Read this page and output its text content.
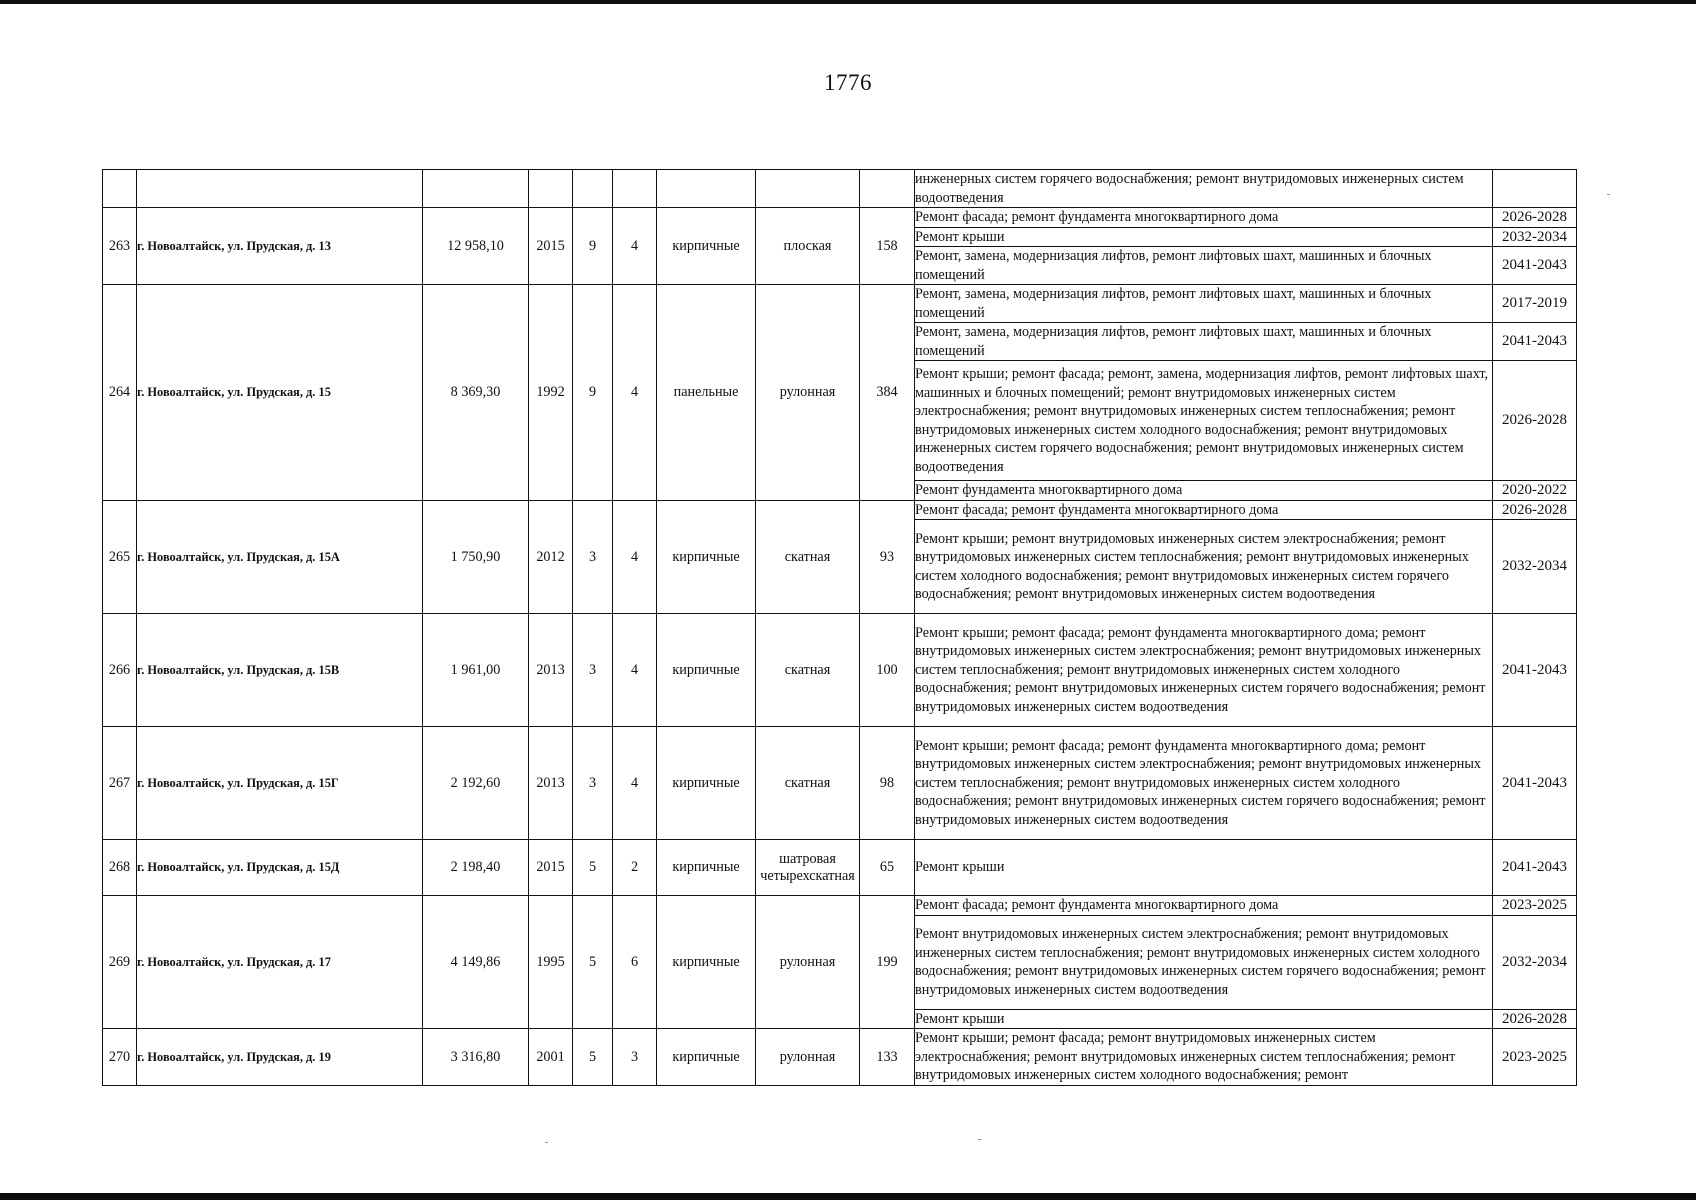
1776
									инженерных систем горячего водоснабжения; ремонт внутридомовых инженерных систем водоотведения	
263	г. Новоалтайск, ул. Прудская, д. 13	12 958,10	2015	9	4	кирпичные	плоская	158	Ремонт фасада; ремонт фундамента многоквартирного дома	2026-2028
									Ремонт крыши	2032-2034
									Ремонт, замена, модернизация лифтов, ремонт лифтовых шахт, машинных и блочных помещений	2041-2043
264	г. Новоалтайск, ул. Прудская, д. 15	8 369,30	1992	9	4	панельные	рулонная	384	Ремонт, замена, модернизация лифтов, ремонт лифтовых шахт, машинных и блочных помещений	2017-2019
									Ремонт, замена, модернизация лифтов, ремонт лифтовых шахт, машинных и блочных помещений	2041-2043
									Ремонт крыши; ремонт фасада; ремонт, замена, модернизация лифтов, ремонт лифтовых шахт, машинных и блочных помещений; ремонт внутридомовых инженерных систем электроснабжения; ремонт внутридомовых инженерных систем теплоснабжения; ремонт внутридомовых инженерных систем холодного водоснабжения; ремонт внутридомовых инженерных систем горячего водоснабжения; ремонт внутридомовых инженерных систем водоотведения	2026-2028
									Ремонт фундамента многоквартирного дома	2020-2022
265	г. Новоалтайск, ул. Прудская, д. 15А	1 750,90	2012	3	4	кирпичные	скатная	93	Ремонт фасада; ремонт фундамента многоквартирного дома	2026-2028
									Ремонт крыши; ремонт внутридомовых инженерных систем электроснабжения; ремонт внутридомовых инженерных систем теплоснабжения; ремонт внутридомовых инженерных систем холодного водоснабжения; ремонт внутридомовых инженерных систем горячего водоснабжения; ремонт внутридомовых инженерных систем водоотведения	2032-2034
266	г. Новоалтайск, ул. Прудская, д. 15В	1 961,00	2013	3	4	кирпичные	скатная	100	Ремонт крыши; ремонт фасада; ремонт фундамента многоквартирного дома; ремонт внутридомовых инженерных систем электроснабжения; ремонт внутридомовых инженерных систем теплоснабжения; ремонт внутридомовых инженерных систем холодного водоснабжения; ремонт внутридомовых инженерных систем горячего водоснабжения; ремонт внутридомовых инженерных систем водоотведения	2041-2043
267	г. Новоалтайск, ул. Прудская, д. 15Г	2 192,60	2013	3	4	кирпичные	скатная	98	Ремонт крыши; ремонт фасада; ремонт фундамента многоквартирного дома; ремонт внутридомовых инженерных систем электроснабжения; ремонт внутридомовых инженерных систем теплоснабжения; ремонт внутридомовых инженерных систем холодного водоснабжения; ремонт внутридомовых инженерных систем горячего водоснабжения; ремонт внутридомовых инженерных систем водоотведения	2041-2043
268	г. Новоалтайск, ул. Прудская, д. 15Д	2 198,40	2015	5	2	кирпичные	шатровая четырехскатная	65	Ремонт крыши	2041-2043
269	г. Новоалтайск, ул. Прудская, д. 17	4 149,86	1995	5	6	кирпичные	рулонная	199	Ремонт фасада; ремонт фундамента многоквартирного дома	2023-2025
									Ремонт внутридомовых инженерных систем электроснабжения; ремонт внутридомовых инженерных систем теплоснабжения; ремонт внутридомовых инженерных систем холодного водоснабжения; ремонт внутридомовых инженерных систем горячего водоснабжения; ремонт внутридомовых инженерных систем водоотведения	2032-2034
									Ремонт крыши	2026-2028
270	г. Новоалтайск, ул. Прудская, д. 19	3 316,80	2001	5	3	кирпичные	рулонная	133	Ремонт крыши; ремонт фасада; ремонт внутридомовых инженерных систем электроснабжения; ремонт внутридомовых инженерных систем теплоснабжения; ремонт внутридомовых инженерных систем холодного водоснабжения; ремонт	2023-2025
